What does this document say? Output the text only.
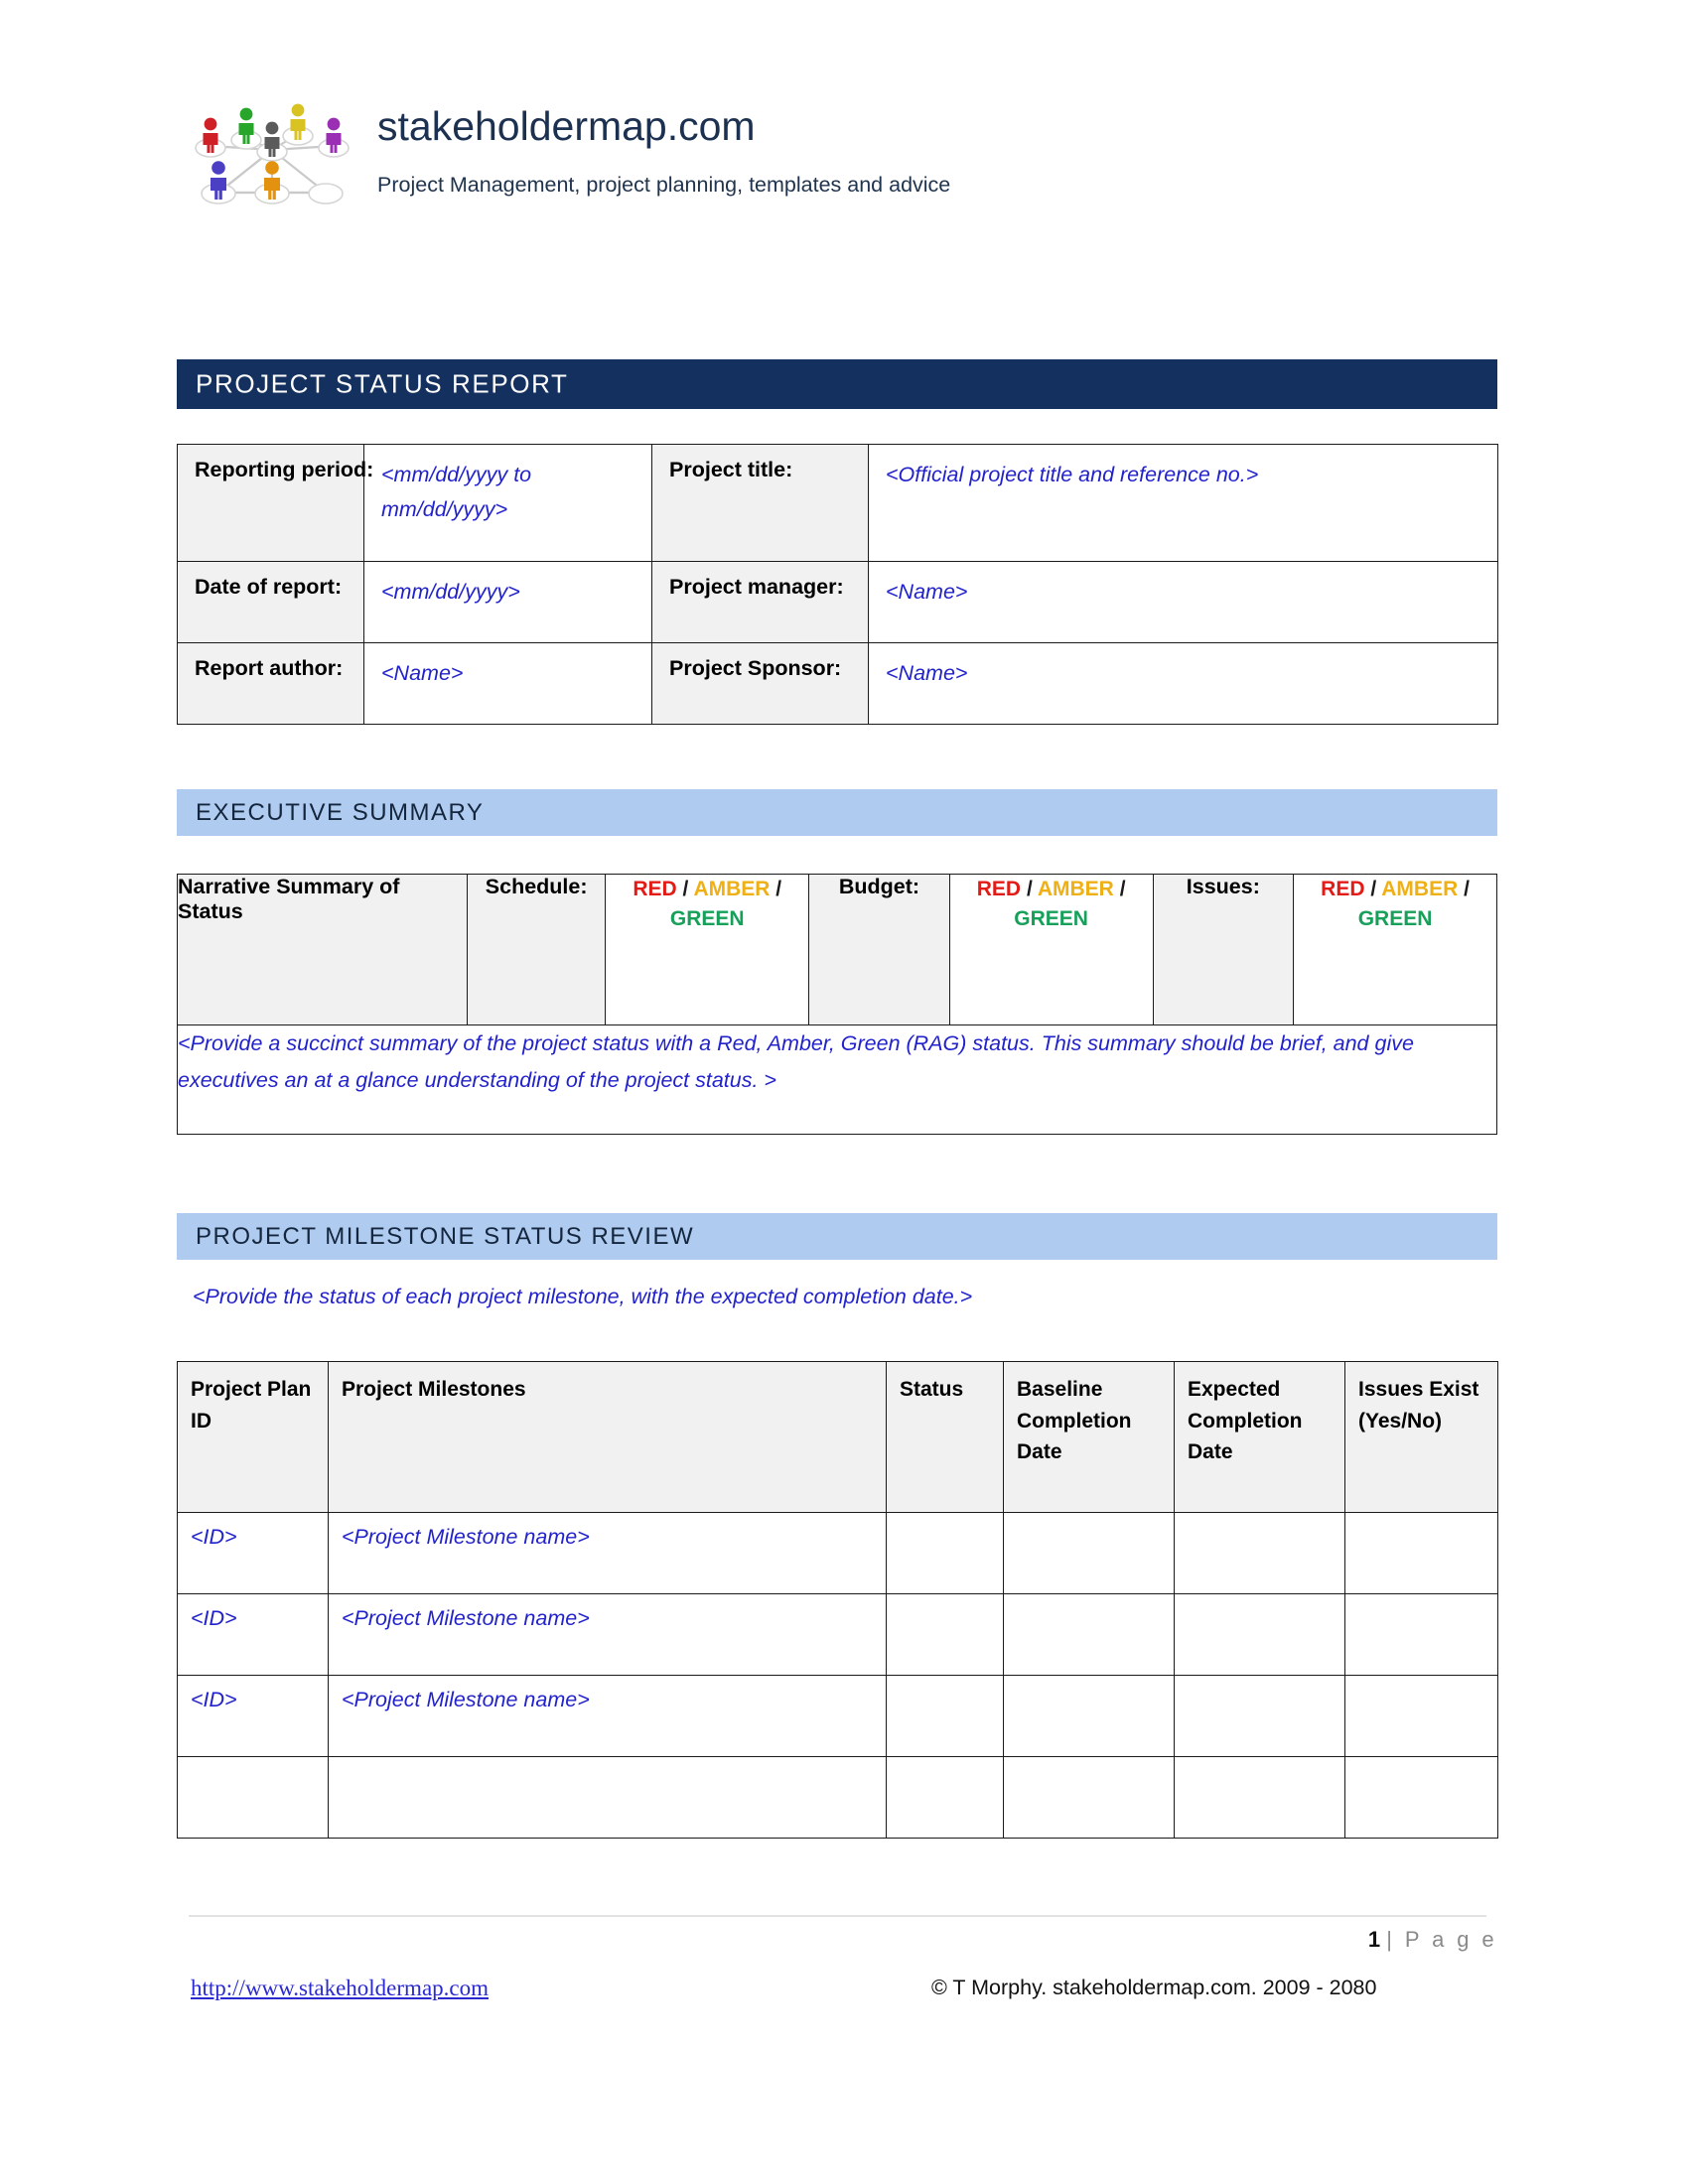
stakeholdermap.com
Project Management, project planning, templates and advice
PROJECT STATUS REPORT
Reporting period:	<mm/dd/yyyy to mm/dd/yyyy>	Project title:	<Official project title and reference no.>
Date of report:	<mm/dd/yyyy>	Project manager:	<Name>
Report author:	<Name>	Project Sponsor:	<Name>
EXECUTIVE SUMMARY
Narrative Summary of Status	Schedule:	RED / AMBER / GREEN	Budget:	RED / AMBER / GREEN	Issues:	RED / AMBER / GREEN
<Provide a succinct summary of the project status with a Red, Amber, Green (RAG) status. This summary should be brief, and give executives an at a glance understanding of the project status. >
PROJECT MILESTONE STATUS REVIEW
<Provide the status of each project milestone, with the expected completion date.>
Project Plan ID	Project Milestones	Status	Baseline Completion Date	Expected Completion Date	Issues Exist (Yes/No)
<ID>	<Project Milestone name>				
<ID>	<Project Milestone name>				
<ID>	<Project Milestone name>				

1 | P a g e
http://www.stakeholdermap.com	© T Morphy. stakeholdermap.com. 2009 - 2080
